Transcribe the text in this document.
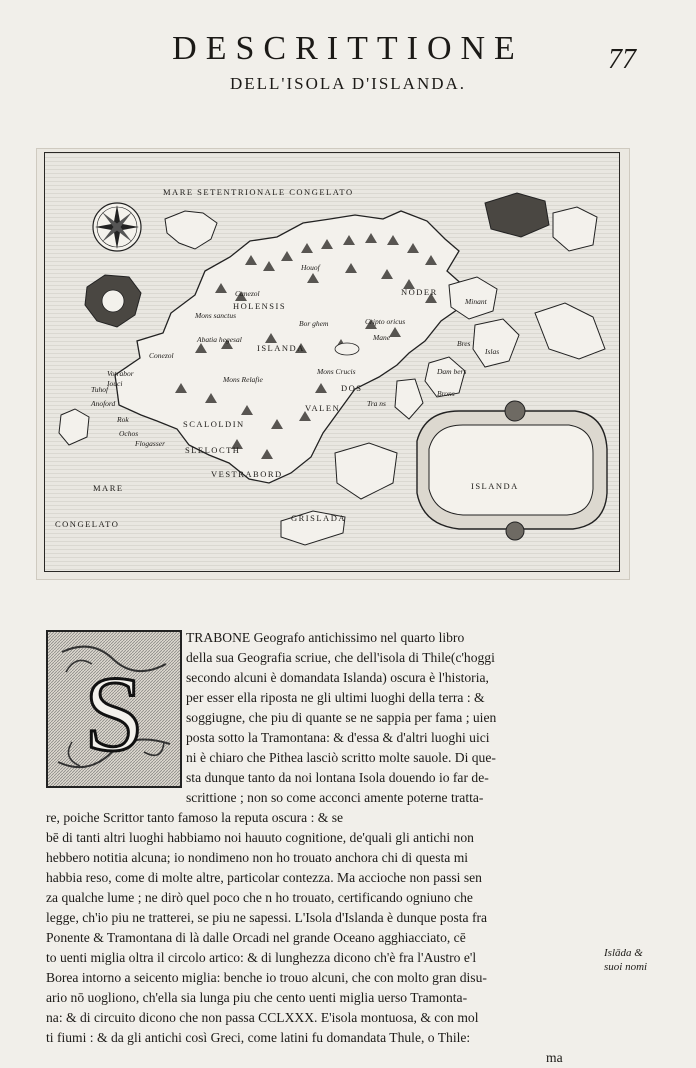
DESCRITTIONE
DELL'ISOLA D'ISLANDA.
77
MARE SETENTRIONALE CONGELATO
MARE
CONGELATO
ISLANDA
ISLANDA
GRISLADA
Canezol
HOLENSIS
Houof
NODER
Minant
Mons sanctus
Bor ghem	Cripto oricus
Mane
Abatia hegesal
Conezol
Votrabor
Iouci
Tuhof
Anoford
Rok
Ochos
Flogasser
Mons Relafie
Mons Crucis
DOS
VALEN
SCALOLDIN
SLELOCTH
VESTRABORD
Bres
Islas
Dam bers
Brons
Tra ns
S
TRABONE Geografo antichissimo nel quarto libro
della sua Geografia scriue, che dell'isola di Thile(c'hoggi
secondo alcuni è domandata Islanda) oscura è l'historia,
per esser ella riposta ne gli ultimi luoghi della terra : &
soggiugne, che piu di quante se ne sappia per fama ; uien
posta sotto la Tramontana: & d'essa & d'altri luoghi uici
ni è chiaro che Pithea lasciò scritto molte sauole. Di que-
sta dunque tanto da noi lontana Isola douendo io far de-
scrittione ; non so come acconci amente poterne tratta-
re, poiche Scrittor tanto famoso la reputa oscura : & se
bē di tanti altri luoghi habbiamo noi hauuto cognitione, de'quali gli antichi non
hebbero notitia alcuna; io nondimeno non ho trouato anchora chi di questa mi
habbia reso, come di molte altre, particolar contezza. Ma accioche non passi sen
za qualche lume ; ne dirò quel poco che n ho trouato, certificando ogniuno che
legge, ch'io piu ne tratterei, se piu ne sapessi. L'Isola d'Islanda è dunque posta fra
Ponente & Tramontana di là dalle Orcadi nel grande Oceano agghiacciato, cē
to uenti miglia oltra il circolo artico: & di lunghezza dicono ch'è fra l'Austro e'l
Borea intorno a seicento miglia: benche io trouo alcuni, che con molto gran disu-
ario nō uogliono, ch'ella sia lunga piu che cento uenti miglia uerso Tramonta-
na: & di circuito dicono che non passa CCLXXX. E'isola montuosa, & con mol
ti fiumi : & da gli antichi così Greci, come latini fu domandata Thule, o Thile:
ma
Islāda &
suoi nomi
